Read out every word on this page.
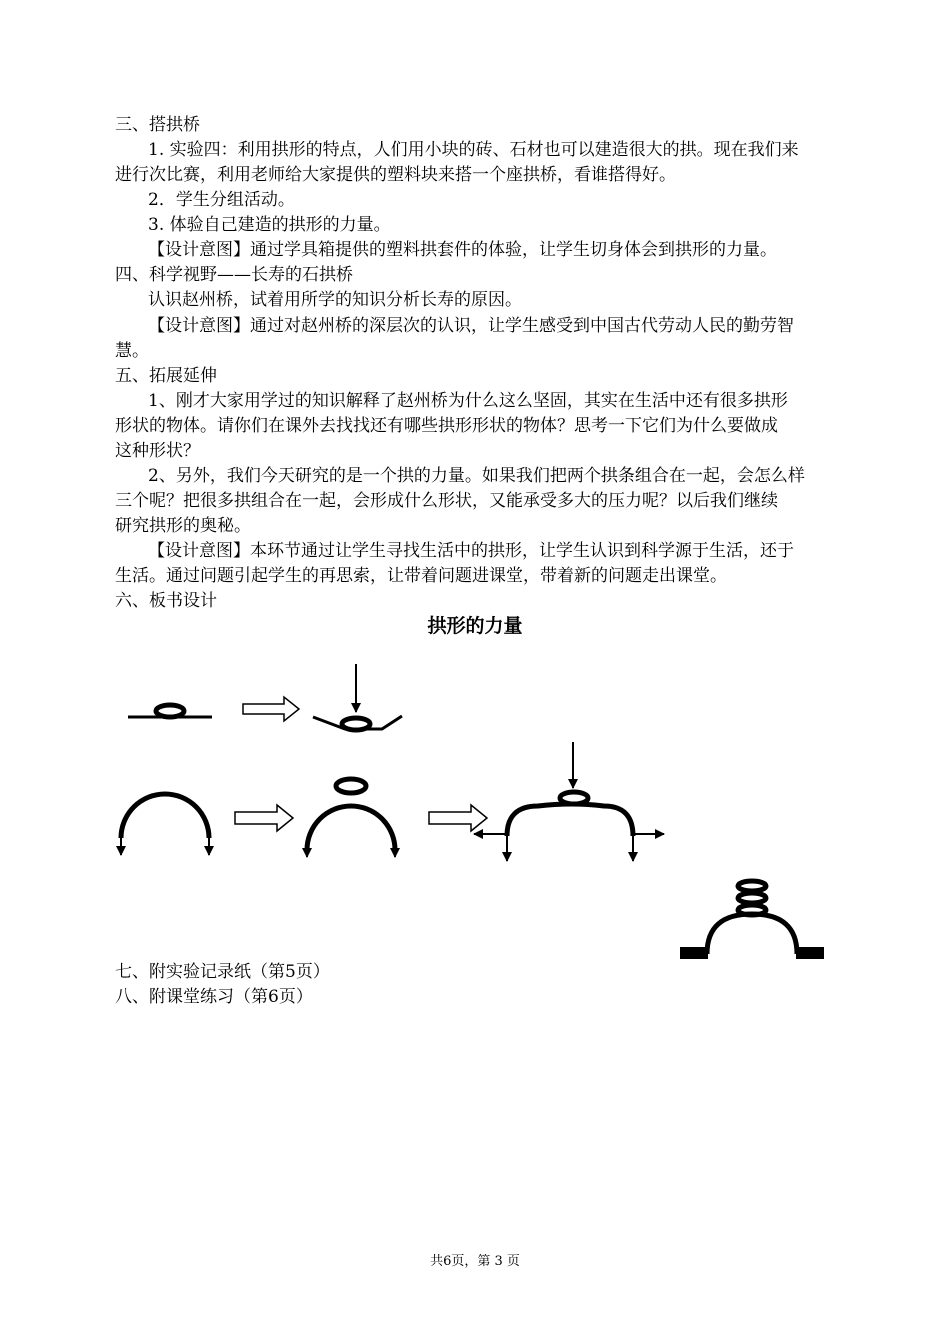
三、搭拱桥
1. 实验四：利用拱形的特点，人们用小块的砖、石材也可以建造很大的拱。现在我们来
进行次比赛，利用老师给大家提供的塑料块来搭一个座拱桥，看谁搭得好。
2．学生分组活动。
3. 体验自己建造的拱形的力量。
【设计意图】通过学具箱提供的塑料拱套件的体验，让学生切身体会到拱形的力量。
四、科学视野——长寿的石拱桥
认识赵州桥，试着用所学的知识分析长寿的原因。
【设计意图】通过对赵州桥的深层次的认识，让学生感受到中国古代劳动人民的勤劳智
慧。
五、拓展延伸
1、刚才大家用学过的知识解释了赵州桥为什么这么坚固，其实在生活中还有很多拱形
形状的物体。请你们在课外去找找还有哪些拱形形状的物体？思考一下它们为什么要做成
这种形状？
2、另外，我们今天研究的是一个拱的力量。如果我们把两个拱条组合在一起，会怎么样
三个呢？把很多拱组合在一起，会形成什么形状，又能承受多大的压力呢？以后我们继续
研究拱形的奥秘。
【设计意图】本环节通过让学生寻找生活中的拱形，让学生认识到科学源于生活，还于
生活。通过问题引起学生的再思索，让带着问题进课堂，带着新的问题走出课堂。
六、板书设计
拱形的力量
七、附实验记录纸（第5页）
八、附课堂练习（第6页）
共6页，第 3 页
